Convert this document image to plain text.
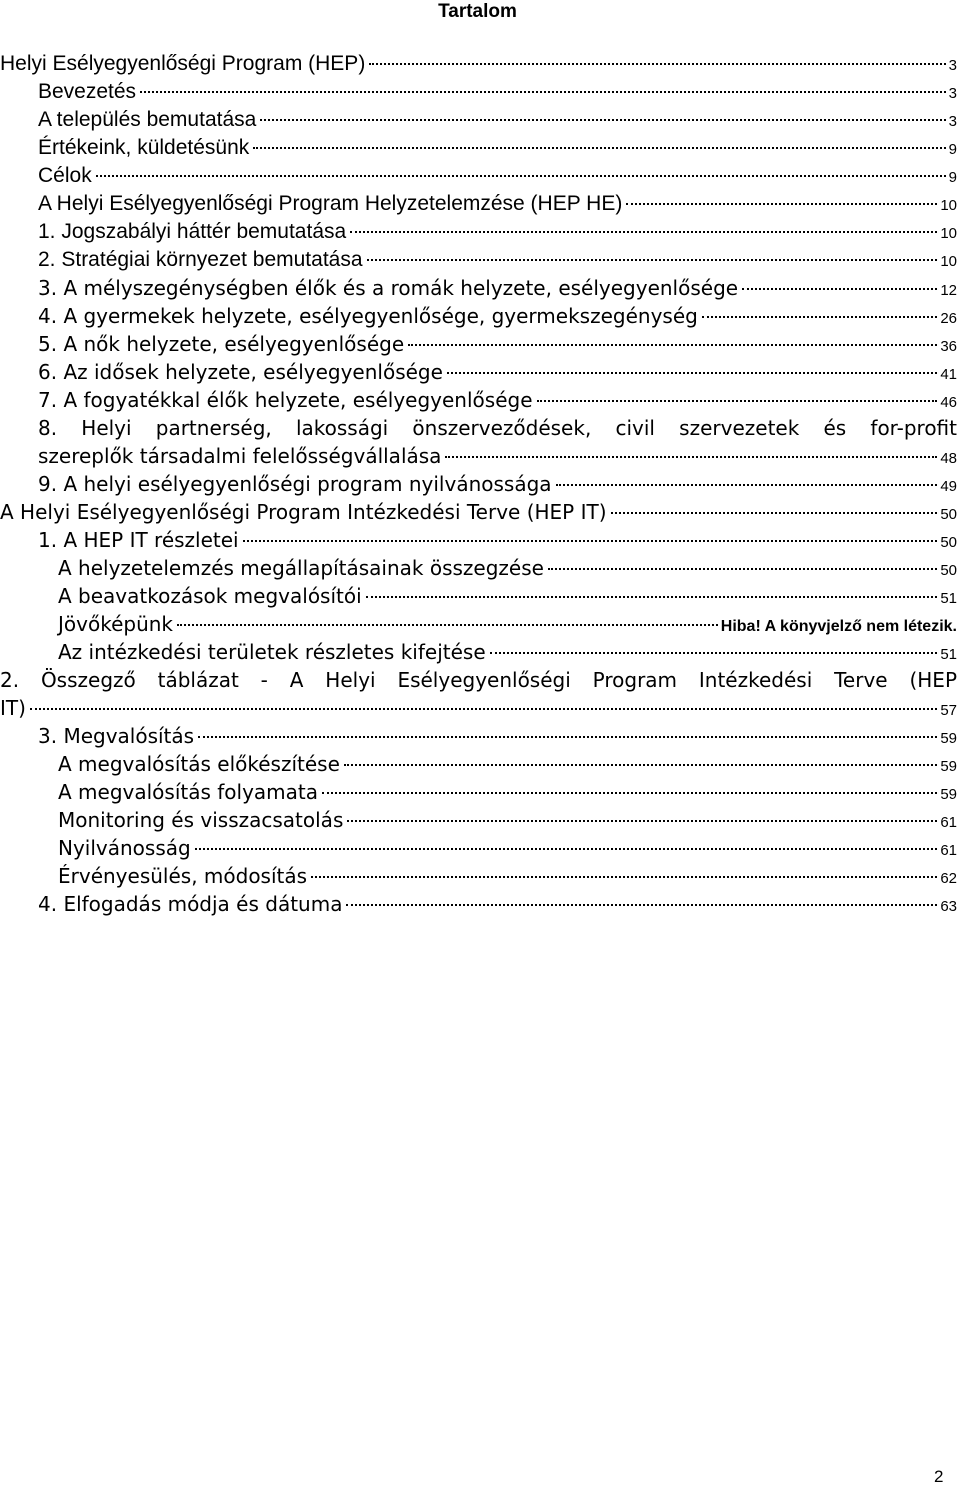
Tartalom
Helyi Esélyegyenlőségi Program (HEP)	3
Bevezetés	3
A település bemutatása	3
Értékeink, küldetésünk	9
Célok	9
A Helyi Esélyegyenlőségi Program Helyzetelemzése (HEP HE)	10
1. Jogszabályi háttér bemutatása	10
2. Stratégiai környezet bemutatása	10
3. A mélyszegénységben élők és a romák helyzete, esélyegyenlősége	12
4. A gyermekek helyzete, esélyegyenlősége, gyermekszegénység	26
5. A nők helyzete, esélyegyenlősége	36
6. Az idősek helyzete, esélyegyenlősége	41
7. A fogyatékkal élők helyzete, esélyegyenlősége	46
8. Helyi partnerség, lakossági önszerveződések, civil szervezetek és for-profit
szereplők társadalmi felelősségvállalása	48
9. A helyi esélyegyenlőségi program nyilvánossága	49
A Helyi Esélyegyenlőségi Program Intézkedési Terve (HEP IT)	50
1. A HEP IT részletei	50
A helyzetelemzés megállapításainak összegzése	50
A beavatkozások megvalósítói	51
Jövőképünk	Hiba! A könyvjelző nem létezik.
Az intézkedési területek részletes kifejtése	51
2. Összegző táblázat - A Helyi Esélyegyenlőségi Program Intézkedési Terve (HEP
IT)	57
3. Megvalósítás	59
A megvalósítás előkészítése	59
A megvalósítás folyamata	59
Monitoring és visszacsatolás	61
Nyilvánosság	61
Érvényesülés, módosítás	62
4. Elfogadás módja és dátuma	63
2
